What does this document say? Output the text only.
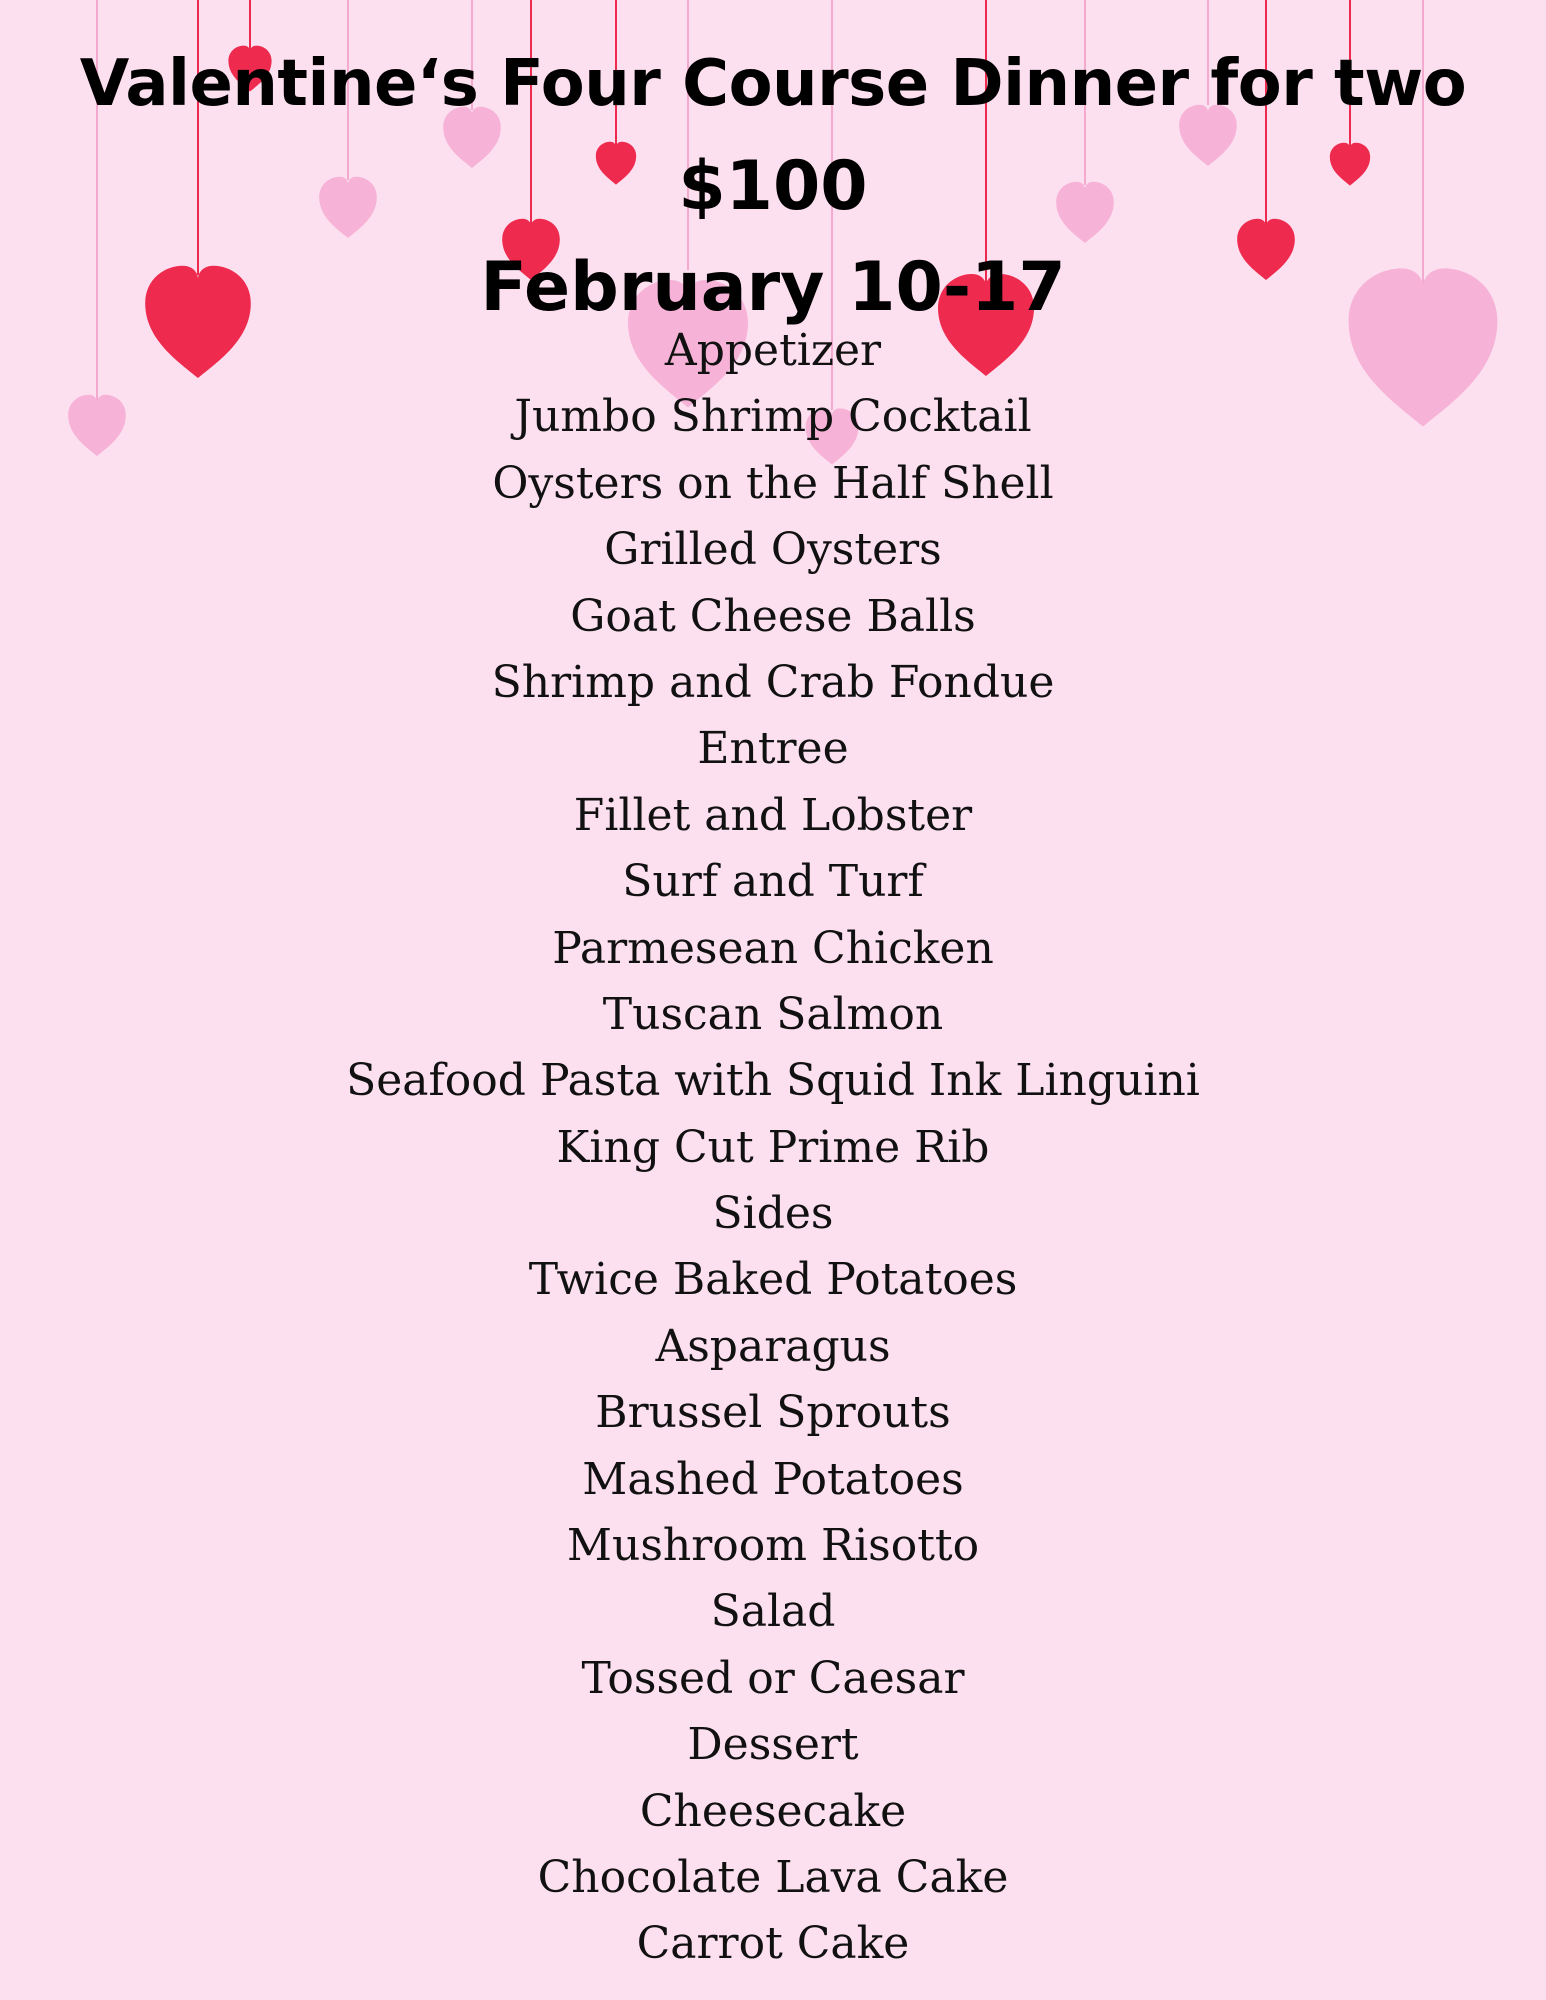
Valentine‘s Four Course Dinner for two
$100
February 10-17
Appetizer
Jumbo Shrimp Cocktail
Oysters on the Half Shell
Grilled Oysters
Goat Cheese Balls
Shrimp and Crab Fondue
Entree
Fillet and Lobster
Surf and Turf
Parmesean Chicken
Tuscan Salmon
Seafood Pasta with Squid Ink Linguini
King Cut Prime Rib
Sides
Twice Baked Potatoes
Asparagus
Brussel Sprouts
Mashed Potatoes
Mushroom Risotto
Salad
Tossed or Caesar
Dessert
Cheesecake
Chocolate Lava Cake
Carrot Cake
